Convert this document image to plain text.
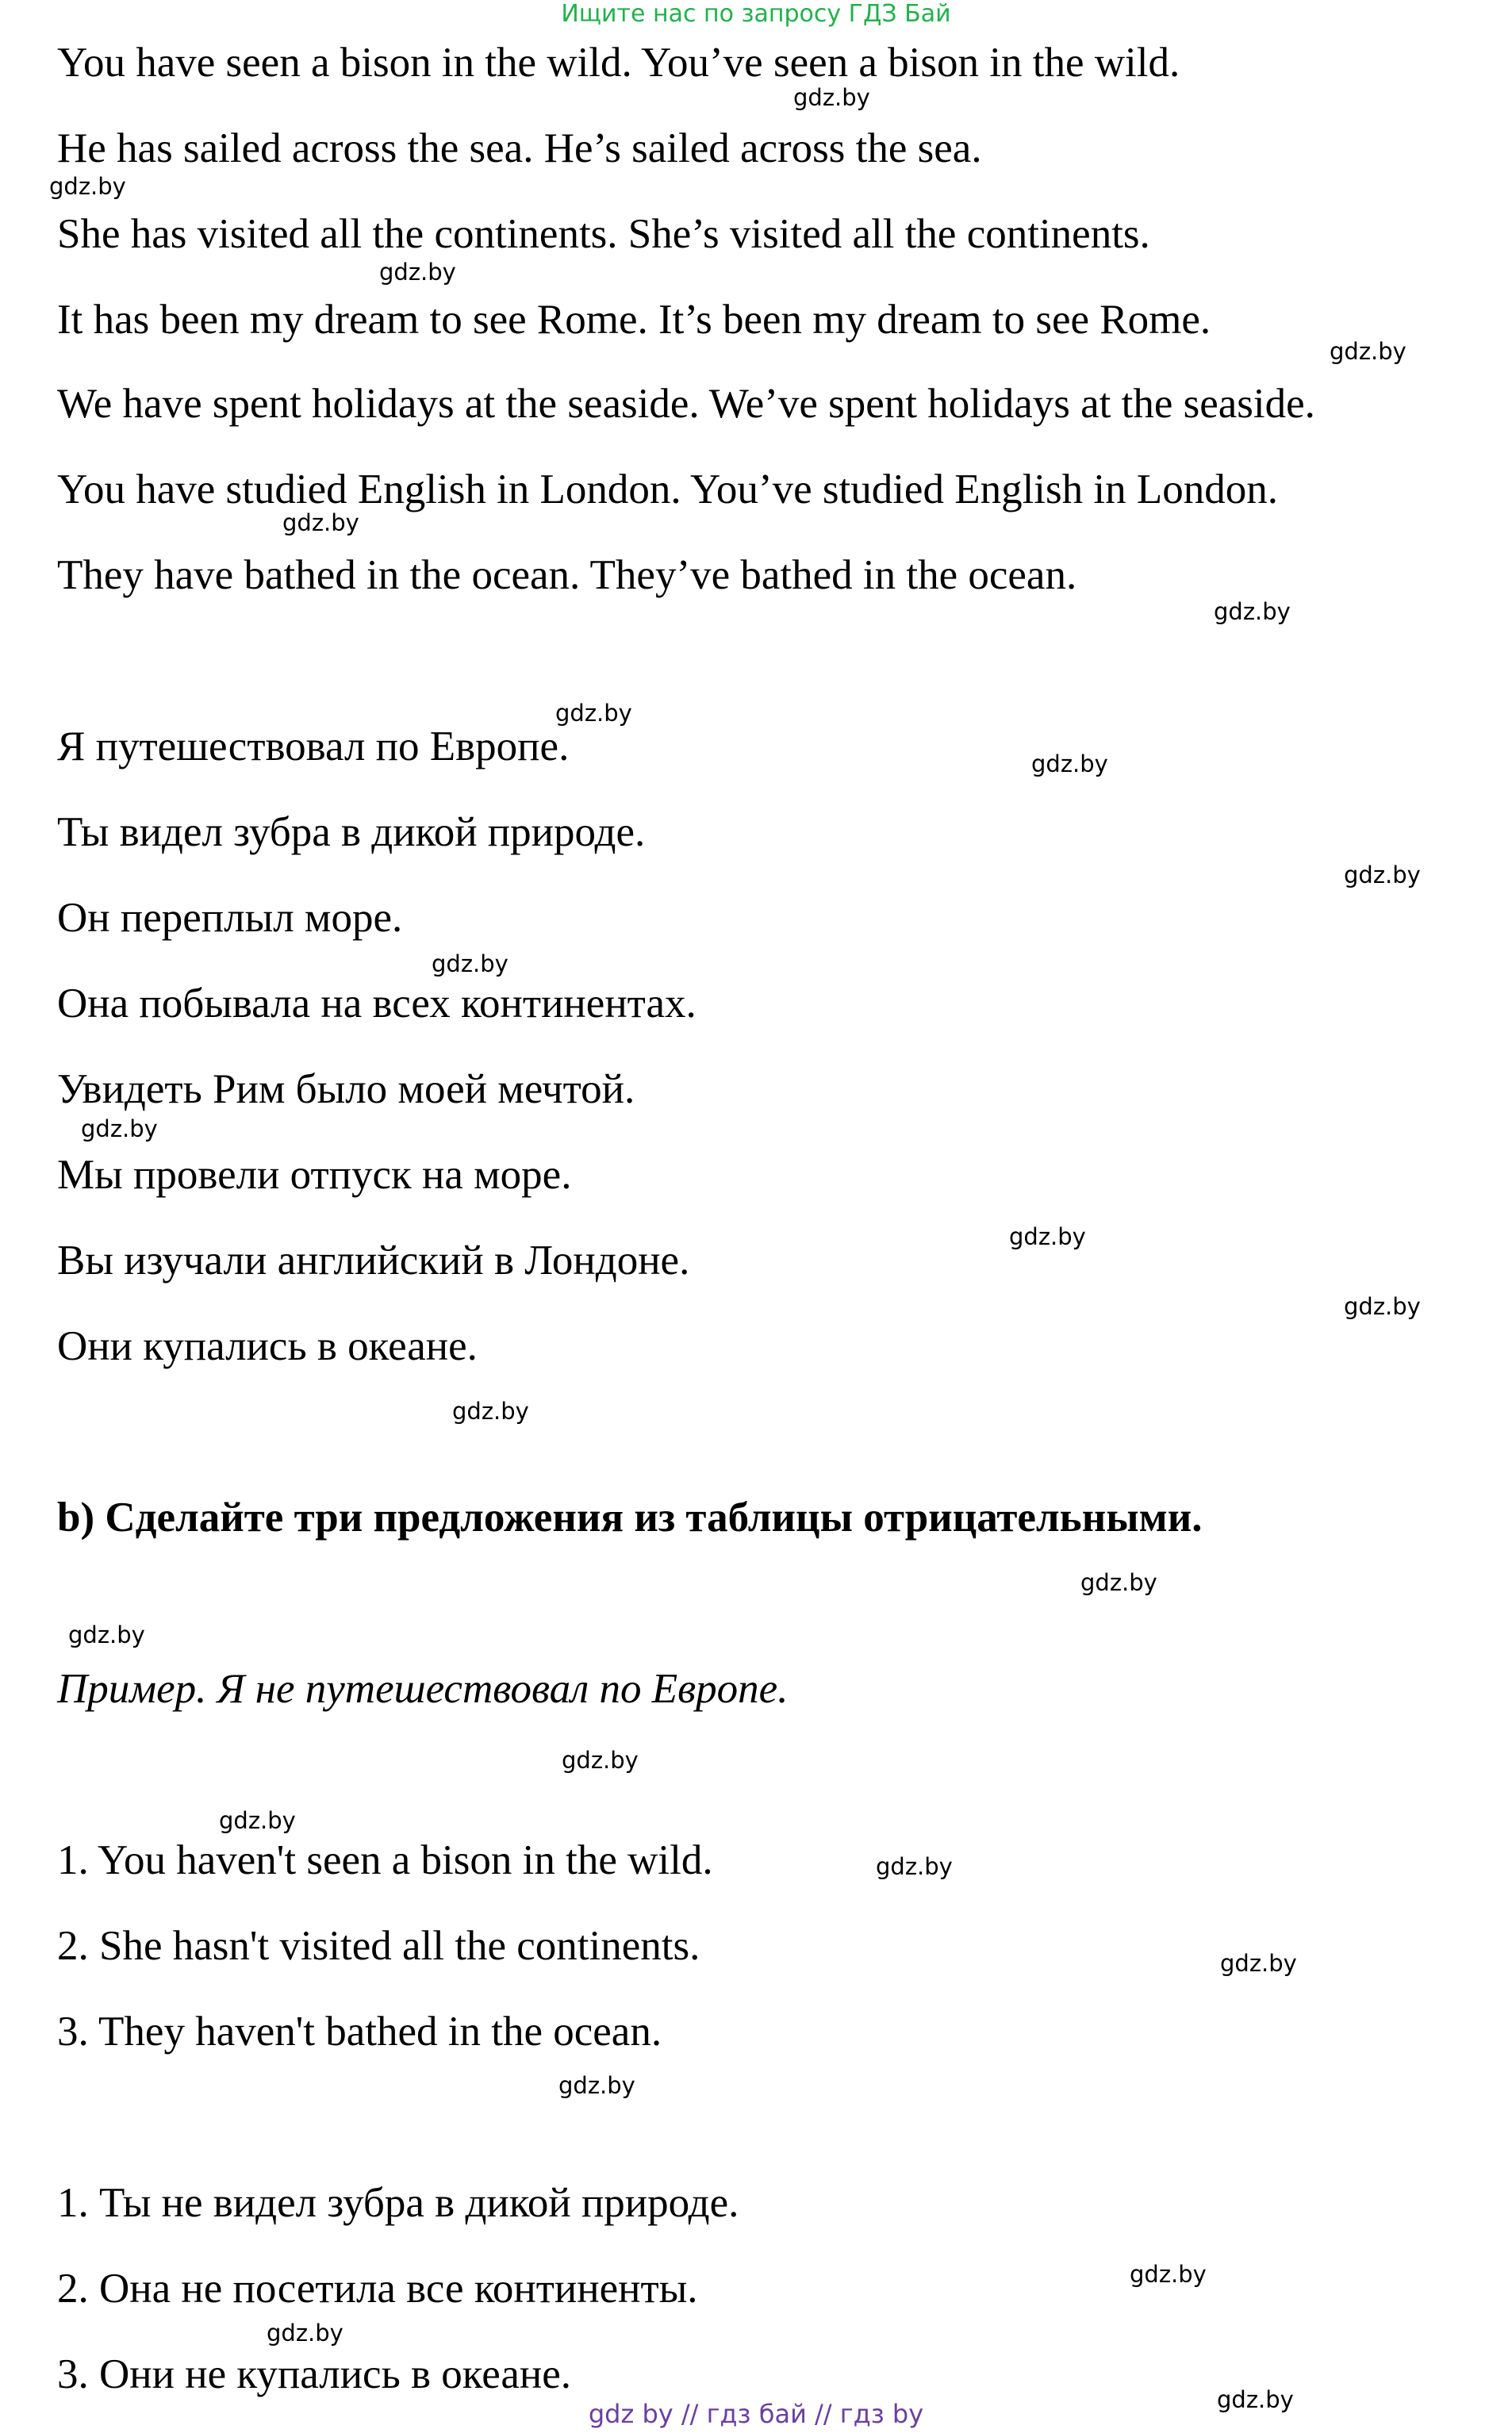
Ищите нас по запросу ГДЗ Бай
You have seen a bison in the wild. You’ve seen a bison in the wild.
He has sailed across the sea. He’s sailed across the sea.
She has visited all the continents. She’s visited all the continents.
It has been my dream to see Rome. It’s been my dream to see Rome.
We have spent holidays at the seaside. We’ve spent holidays at the seaside.
You have studied English in London. You’ve studied English in London.
They have bathed in the ocean. They’ve bathed in the ocean.
Я путешествовал по Европе.
Ты видел зубра в дикой природе.
Он переплыл море.
Она побывала на всех континентах.
Увидеть Рим было моей мечтой.
Мы провели отпуск на море.
Вы изучали английский в Лондоне.
Они купались в океане.
b) Сделайте три предложения из таблицы отрицательными.
Пример. Я не путешествовал по Европе.
1. You haven't seen a bison in the wild.
2. She hasn't visited all the continents.
3. They haven't bathed in the ocean.
1. Ты не видел зубра в дикой природе.
2. Она не посетила все континенты.
3. Они не купались в океане.
gdz.by
gdz.by
gdz.by
gdz.by
gdz.by
gdz.by
gdz.by
gdz.by
gdz.by
gdz.by
gdz.by
gdz.by
gdz.by
gdz.by
gdz.by
gdz.by
gdz.by
gdz.by
gdz.by
gdz.by
gdz.by
gdz.by
gdz.by
gdz.by
gdz by // гдз бай // гдз by
